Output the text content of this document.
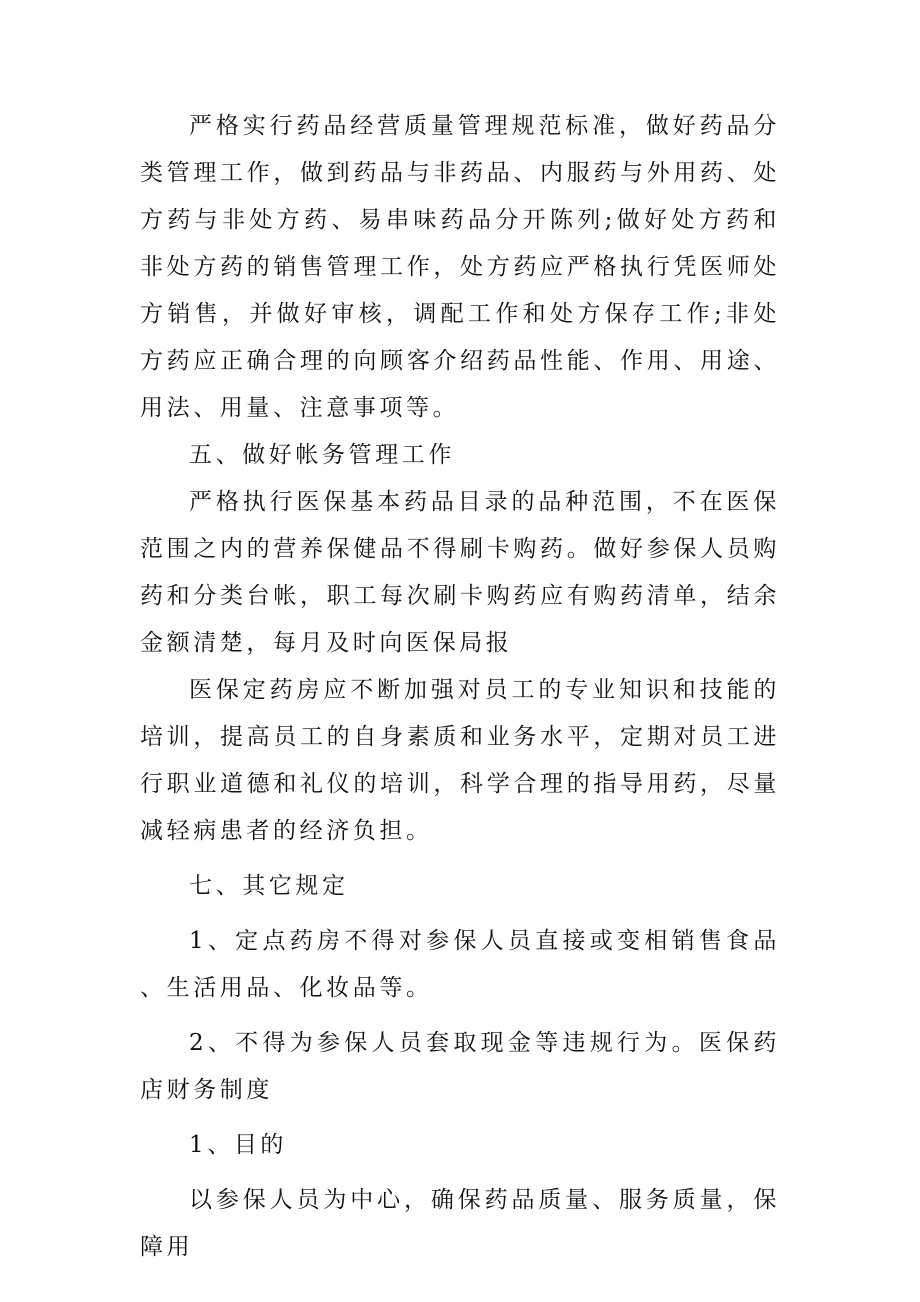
严格实行药品经营质量管理规范标准，做好药品分类管理工作，做到药品与非药品、内服药与外用药、处方药与非处方药、易串味药品分开陈列;做好处方药和非处方药的销售管理工作，处方药应严格执行凭医师处方销售，并做好审核，调配工作和处方保存工作;非处方药应正确合理的向顾客介绍药品性能、作用、用途、用法、用量、注意事项等。

五、做好帐务管理工作

严格执行医保基本药品目录的品种范围，不在医保范围之内的营养保健品不得刷卡购药。做好参保人员购药和分类台帐，职工每次刷卡购药应有购药清单，结余金额清楚，每月及时向医保局报

医保定药房应不断加强对员工的专业知识和技能的培训，提高员工的自身素质和业务水平，定期对员工进行职业道德和礼仪的培训，科学合理的指导用药，尽量减轻病患者的经济负担。

七、其它规定

1、定点药房不得对参保人员直接或变相销售食品、生活用品、化妆品等。

2、不得为参保人员套取现金等违规行为。医保药店财务制度

1、目的

以参保人员为中心，确保药品质量、服务质量，保障用
